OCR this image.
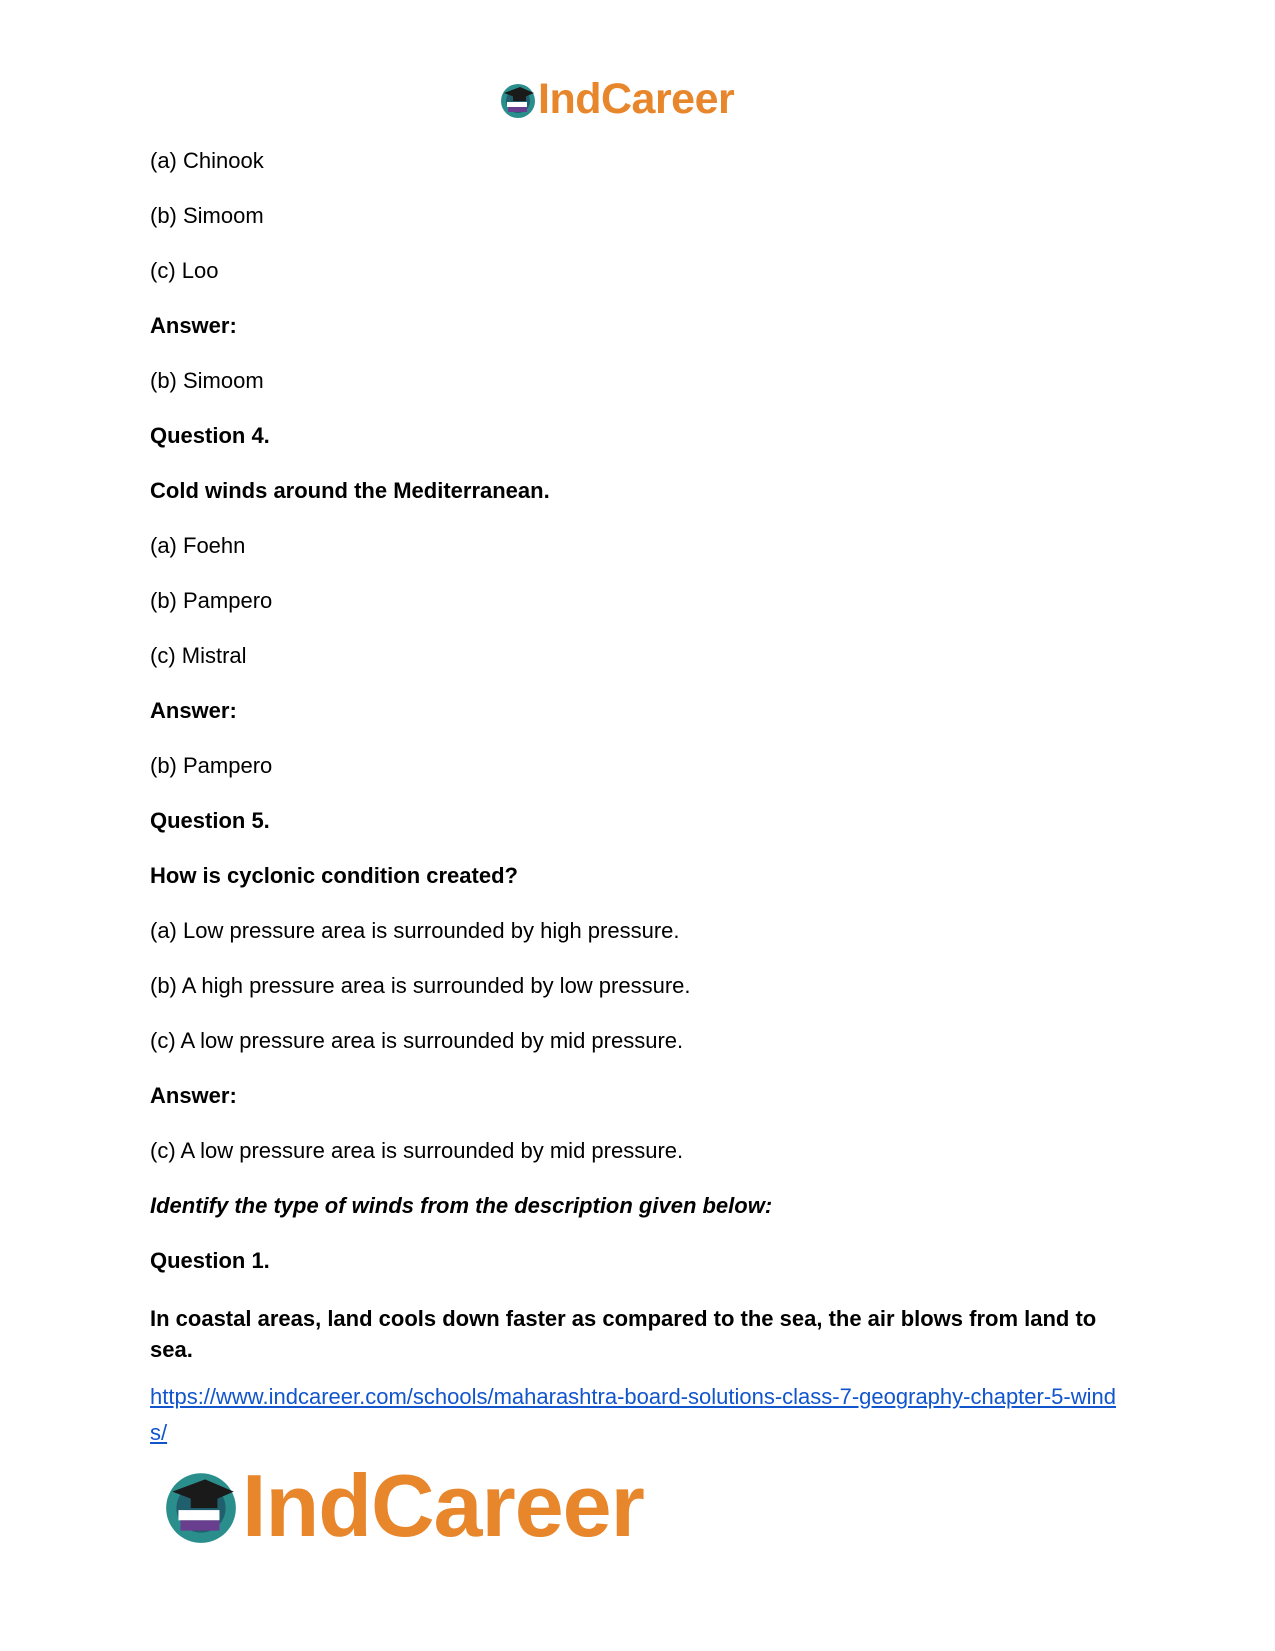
IndCareer
(a) Chinook
(b) Simoom
(c) Loo
Answer:
(b) Simoom
Question 4.
Cold winds around the Mediterranean.
(a) Foehn
(b) Pampero
(c) Mistral
Answer:
(b) Pampero
Question 5.
How is cyclonic condition created?
(a) Low pressure area is surrounded by high pressure.
(b) A high pressure area is surrounded by low pressure.
(c) A low pressure area is surrounded by mid pressure.
Answer:
(c) A low pressure area is surrounded by mid pressure.
Identify the type of winds from the description given below:
Question 1.
In coastal areas, land cools down faster as compared to the sea, the air blows from land to sea.
https://www.indcareer.com/schools/maharashtra-board-solutions-class-7-geography-chapter-5-winds/
IndCareer
